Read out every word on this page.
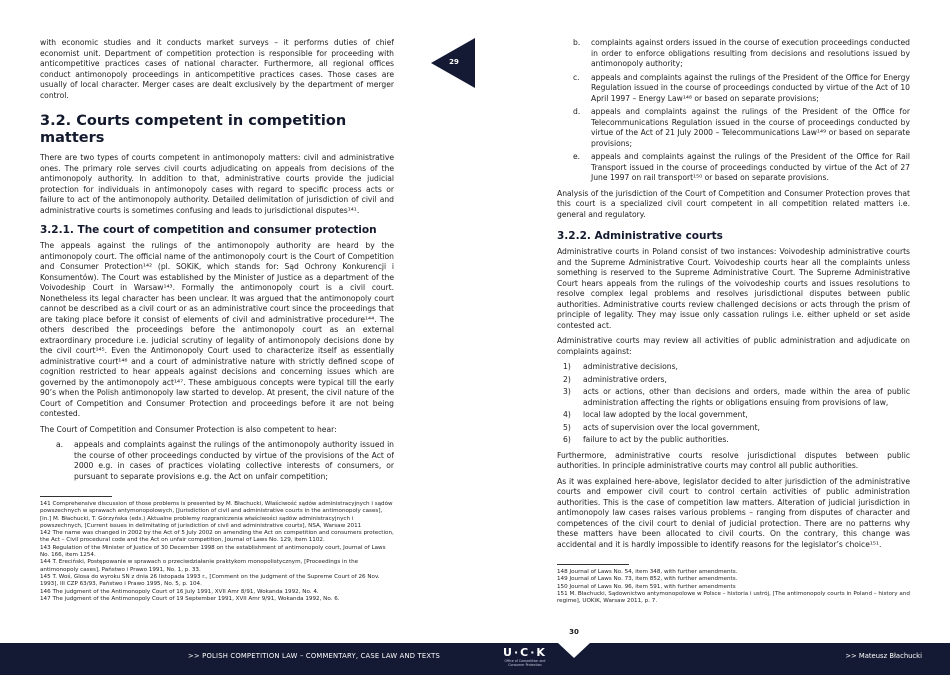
with economic studies and it conducts market surveys – it performs duties of chief economist unit. Department of competition protection is responsible for proceeding with anticompetitive practices cases of national character. Furthermore, all regional offices conduct antimonopoly proceedings in anticompetitive practices cases. Those cases are usually of local character. Merger cases are dealt exclusively by the department of merger control.

3.2. Courts competent in competition matters

There are two types of courts competent in antimonopoly matters: civil and administrative ones. The primary role serves civil courts adjudicating on appeals from decisions of the antimonopoly authority. In addition to that, administrative courts provide the judicial protection for individuals in antimonopoly cases with regard to specific process acts or failure to act of the antimonopoly authority. Detailed delimitation of jurisdiction of civil and administrative courts is sometimes confusing and leads to jurisdictional disputes¹⁴¹.

3.2.1. The court of competition and consumer protection

The appeals against the rulings of the antimonopoly authority are heard by the antimonopoly court. The official name of the antimonopoly court is the Court of Competition and Consumer Protection¹⁴² (pl. SOKiK, which stands for: Sąd Ochrony Konkurencji i Konsumentów). The Court was established by the Minister of Justice as a department of the Voivodeship Court in Warsaw¹⁴³. Formally the antimonopoly court is a civil court. Nonetheless its legal character has been unclear. It was argued that the antimonopoly court cannot be described as a civil court or as an administrative court since the proceedings that are taking place before it consist of elements of civil and administrative procedure¹⁴⁴. The others described the proceedings before the antimonopoly court as an external extraordinary procedure i.e. judicial scrutiny of legality of antimonopoly decisions done by the civil court¹⁴⁵. Even the Antimonopoly Court used to characterize itself as essentially administrative court¹⁴⁶ and a court of administrative nature with strictly defined scope of cognition restricted to hear appeals against decisions and concerning issues which are governed by the antimonopoly act¹⁴⁷. These ambiguous concepts were typical till the early 90’s when the Polish antimonopoly law started to develop. At present, the civil nature of the Court of Competition and Consumer Protection and proceedings before it are not being contested.

The Court of Competition and Consumer Protection is also competent to hear:

a. appeals and complaints against the rulings of the antimonopoly authority issued in the course of other proceedings conducted by virtue of the provisions of the Act of 2000 e.g. in cases of practices violating collective interests of consumers, or pursuant to separate provisions e.g. the Act on unfair competition;

141 Comprehensive discussion of those problems is presented by M. Błachucki, Właściwość sądów administracyjnych i sądów powszechnych w sprawach antymonopolowych, [Jurisdiction of civil and administrative courts in the antimonopoly cases], [in.] M. Błachucki, T. Górzyńska (eds.) Aktualne problemy rozgraniczenia właściwości sądów administracyjnych i powszechnych, [Current issues in delimitating of jurisdiction of civil and administrative courts], NSA, Warsaw 2011

142 The name was changed in 2002 by the Act of 5 July 2002 on amending the Act on competition and consumers protection, the Act – Civil procedural code and the Act on unfair competition, Journal of Laws No. 129, item 1102.

143 Regulation of the Minister of Justice of 30 December 1998 on the establishment of antimonopoly court, Journal of Laws No. 166, item 1254.

144 T. Ereciński, Postępowanie w sprawach o przeciwdziałanie praktykom monopolistycznym, [Proceedings in the antimonopoly cases], Państwo i Prawo 1991, No. 1, p. 33.

145 T. Woś, Glosa do wyroku SN z dnia 26 listopada 1993 r., [Comment on the judgment of the Supreme Court of 26 Nov. 1993], III CZP 63/93, Państwo i Prawo 1995, No. 5, p. 104.

146 The judgment of the Antimonopoly Court of 16 July 1991, XVII Amr 8/91, Wokanda 1992, No. 4.

147 The judgment of the Antimonopoly Court of 19 September 1991, XVII Amr 9/91, Wokanda 1992, No. 6.

29
b. complaints against orders issued in the course of execution proceedings conducted in order to enforce obligations resulting from decisions and resolutions issued by antimonopoly authority;
c. appeals and complaints against the rulings of the President of the Office for Energy Regulation issued in the course of proceedings conducted by virtue of the Act of 10 April 1997 – Energy Law¹⁴⁸ or based on separate provisions;
d. appeals and complaints against the rulings of the President of the Office for Telecommunications Regulation issued in the course of proceedings conducted by virtue of the Act of 21 July 2000 – Telecommunications Law¹⁴⁹ or based on separate provisions;
e. appeals and complaints against the rulings of the President of the Office for Rail Transport issued in the course of proceedings conducted by virtue of the Act of 27 June 1997 on rail transport¹⁵⁰ or based on separate provisions.

Analysis of the jurisdiction of the Court of Competition and Consumer Protection proves that this court is a specialized civil court competent in all competition related matters i.e. general and regulatory.

3.2.2. Administrative courts

Administrative courts in Poland consist of two instances: Voivodeship administrative courts and the Supreme Administrative Court. Voivodeship courts hear all the complaints unless something is reserved to the Supreme Administrative Court. The Supreme Administrative Court hears appeals from the rulings of the voivodeship courts and issues resolutions to resolve complex legal problems and resolves jurisdictional disputes between public authorities. Administrative courts review challenged decisions or acts through the prism of principle of legality. They may issue only cassation rulings i.e. either upheld or set aside contested act.

Administrative courts may review all activities of public administration and adjudicate on complaints against:

1) administrative decisions,
2) administrative orders,
3) acts or actions, other than decisions and orders, made within the area of public administration affecting the rights or obligations ensuing from provisions of law,
4) local law adopted by the local government,
5) acts of supervision over the local government,
6) failure to act by the public authorities.

Furthermore, administrative courts resolve jurisdictional disputes between public authorities. In principle administrative courts may control all public authorities.

As it was explained here-above, legislator decided to alter jurisdiction of the administrative courts and empower civil court to control certain activities of public administration authorities. This is the case of competition law matters. Alteration of judicial jurisdiction in antimonopoly law cases raises various problems – ranging from disputes of character and competences of the civil court to denial of judicial protection. There are no patterns why these matters have been allocated to civil courts. On the contrary, this change was accidental and it is hardly impossible to identify reasons for the legislator’s choice¹⁵¹.

148 Journal of Laws No. 54, item 348, with further amendments.

149 Journal of Laws No. 73, item 852, with further amendments.

150 Journal of Laws No. 96, item 591, with further amendments

151 M. Błachucki, Sądownictwo antymonopolowe w Polsce – historia i ustrój, [The antimonopoly courts in Poland – history and regime], UOKiK, Warsaw 2011, p. 7.

30
>> POLISH COMPETITION LAW – COMMENTARY, CASE LAW AND TEXTS	U·C·K
Office of Competition and Consumer Protection
>> Mateusz Błachucki
